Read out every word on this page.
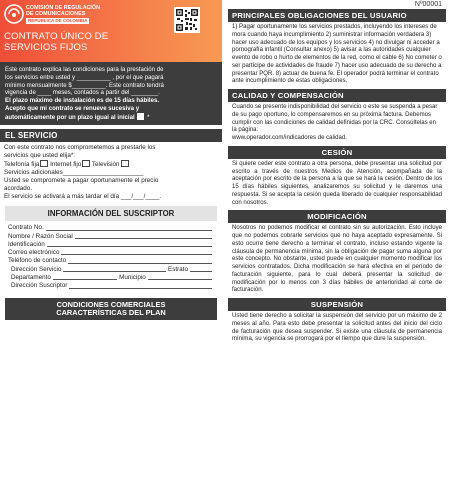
Nº00001
COMISIÓN DE REGULACIÓN
DE COMUNICACIONES
REPÚBLICA DE COLOMBIA
CONTRATO ÚNICO DE
SERVICIOS FIJOS
Este contrato explica las condiciones para la prestación de
los servicios entre usted y __________ , por el que pagará
mínimo mensualmente $__________. Este contrato tendrá
vigencia de ____ meses, contados a partir del ________.
El plazo máximo de instalación es de 15 días hábiles.
Acepto que mi contrato se renueve sucesiva y
automáticamente por un plazo igual al inicial *
EL SERVICIO
Con este contrato nos comprometemos a prestarle los
servicios que usted elija*:
Telefonía fija Internet fijo Televisión
Servicios adicionales_______________________
Usted se compromete a pagar oportunamente el precio
acordado.
El servicio se activará a más tardar el día ___/___/____.
INFORMACIÓN DEL SUSCRIPTOR
Contrato No.
Nombre / Razón Social
Identificación
Correo electrónico
Teléfono de contacto
Dirección Servicio	Estrato
Departamento	Municipio
Dirección Suscriptor
CONDICIONES COMERCIALES
CARACTERÍSTICAS DEL PLAN
PRINCIPALES OBLIGACIONES DEL USUARIO
1) Pagar oportunamente los servicios prestados, incluyendo los intereses de mora cuando haya incumplimiento 2) suministrar información verdadera 3) hacer uso adecuado de los equipos y los servicios 4) no divulgar ni acceder a pornografía infantil (Consultar anexo) 5) avisar a las autoridades cualquier evento de robo o hurto de elementos de la red, como el cable 6) No cometer o ser partícipe de actividades de fraude 7) hacer uso adecuado de su derecho a presentar PQR. 8) actuar de buena fe. El operador podrá terminar el contrato ante incumplimiento de estas obligaciones.
CALIDAD Y COMPENSACIÓN
Cuando se presente indisponibilidad del servicio o este se suspenda a pesar de su pago oportuno, lo compensaremos en su próxima factura. Debemos cumplir con las condiciones de calidad definidas por la CRC. Consúltelas en la página:
www.operador.com/indicadores de calidad.
CESIÓN
Si quiere ceder este contrato a otra persona, debe presentar una solicitud por escrito a través de nuestros Medios de Atención, acompañada de la aceptación por escrito de la persona a la que se hará la cesión. Dentro de los 15 días hábiles siguientes, analizaremos su solicitud y le daremos una respuesta. Si se acepta la cesión queda liberado de cualquier responsabilidad con nosotros.
MODIFICACIÓN
Nosotros no podemos modificar el contrato sin su autorización. Esto incluye que no podemos cobrarle servicios que no haya aceptado expresamente. Si esto ocurre tiene derecho a terminar el contrato, incluso estando vigente la cláusula de permanencia mínima, sin la obligación de pagar suma alguna por este concepto. No obstante, usted puede en cualquier momento modificar los servicios contratados. Dicha modificación se hará efectiva en el período de facturación siguiente, para lo cual deberá presentar la solicitud de modificación por lo menos con 3 días hábiles de anterioridad al corte de facturación.
SUSPENSIÓN
Usted tiene derecho a solicitar la suspensión del servicio por un máximo de 2 meses al año. Para esto debe presentar la solicitud antes del inicio del ciclo de facturación que desea suspender. Si existe una cláusula de permanencia mínima, su vigencia se prorrogará por el tiempo que dure la suspensión.
